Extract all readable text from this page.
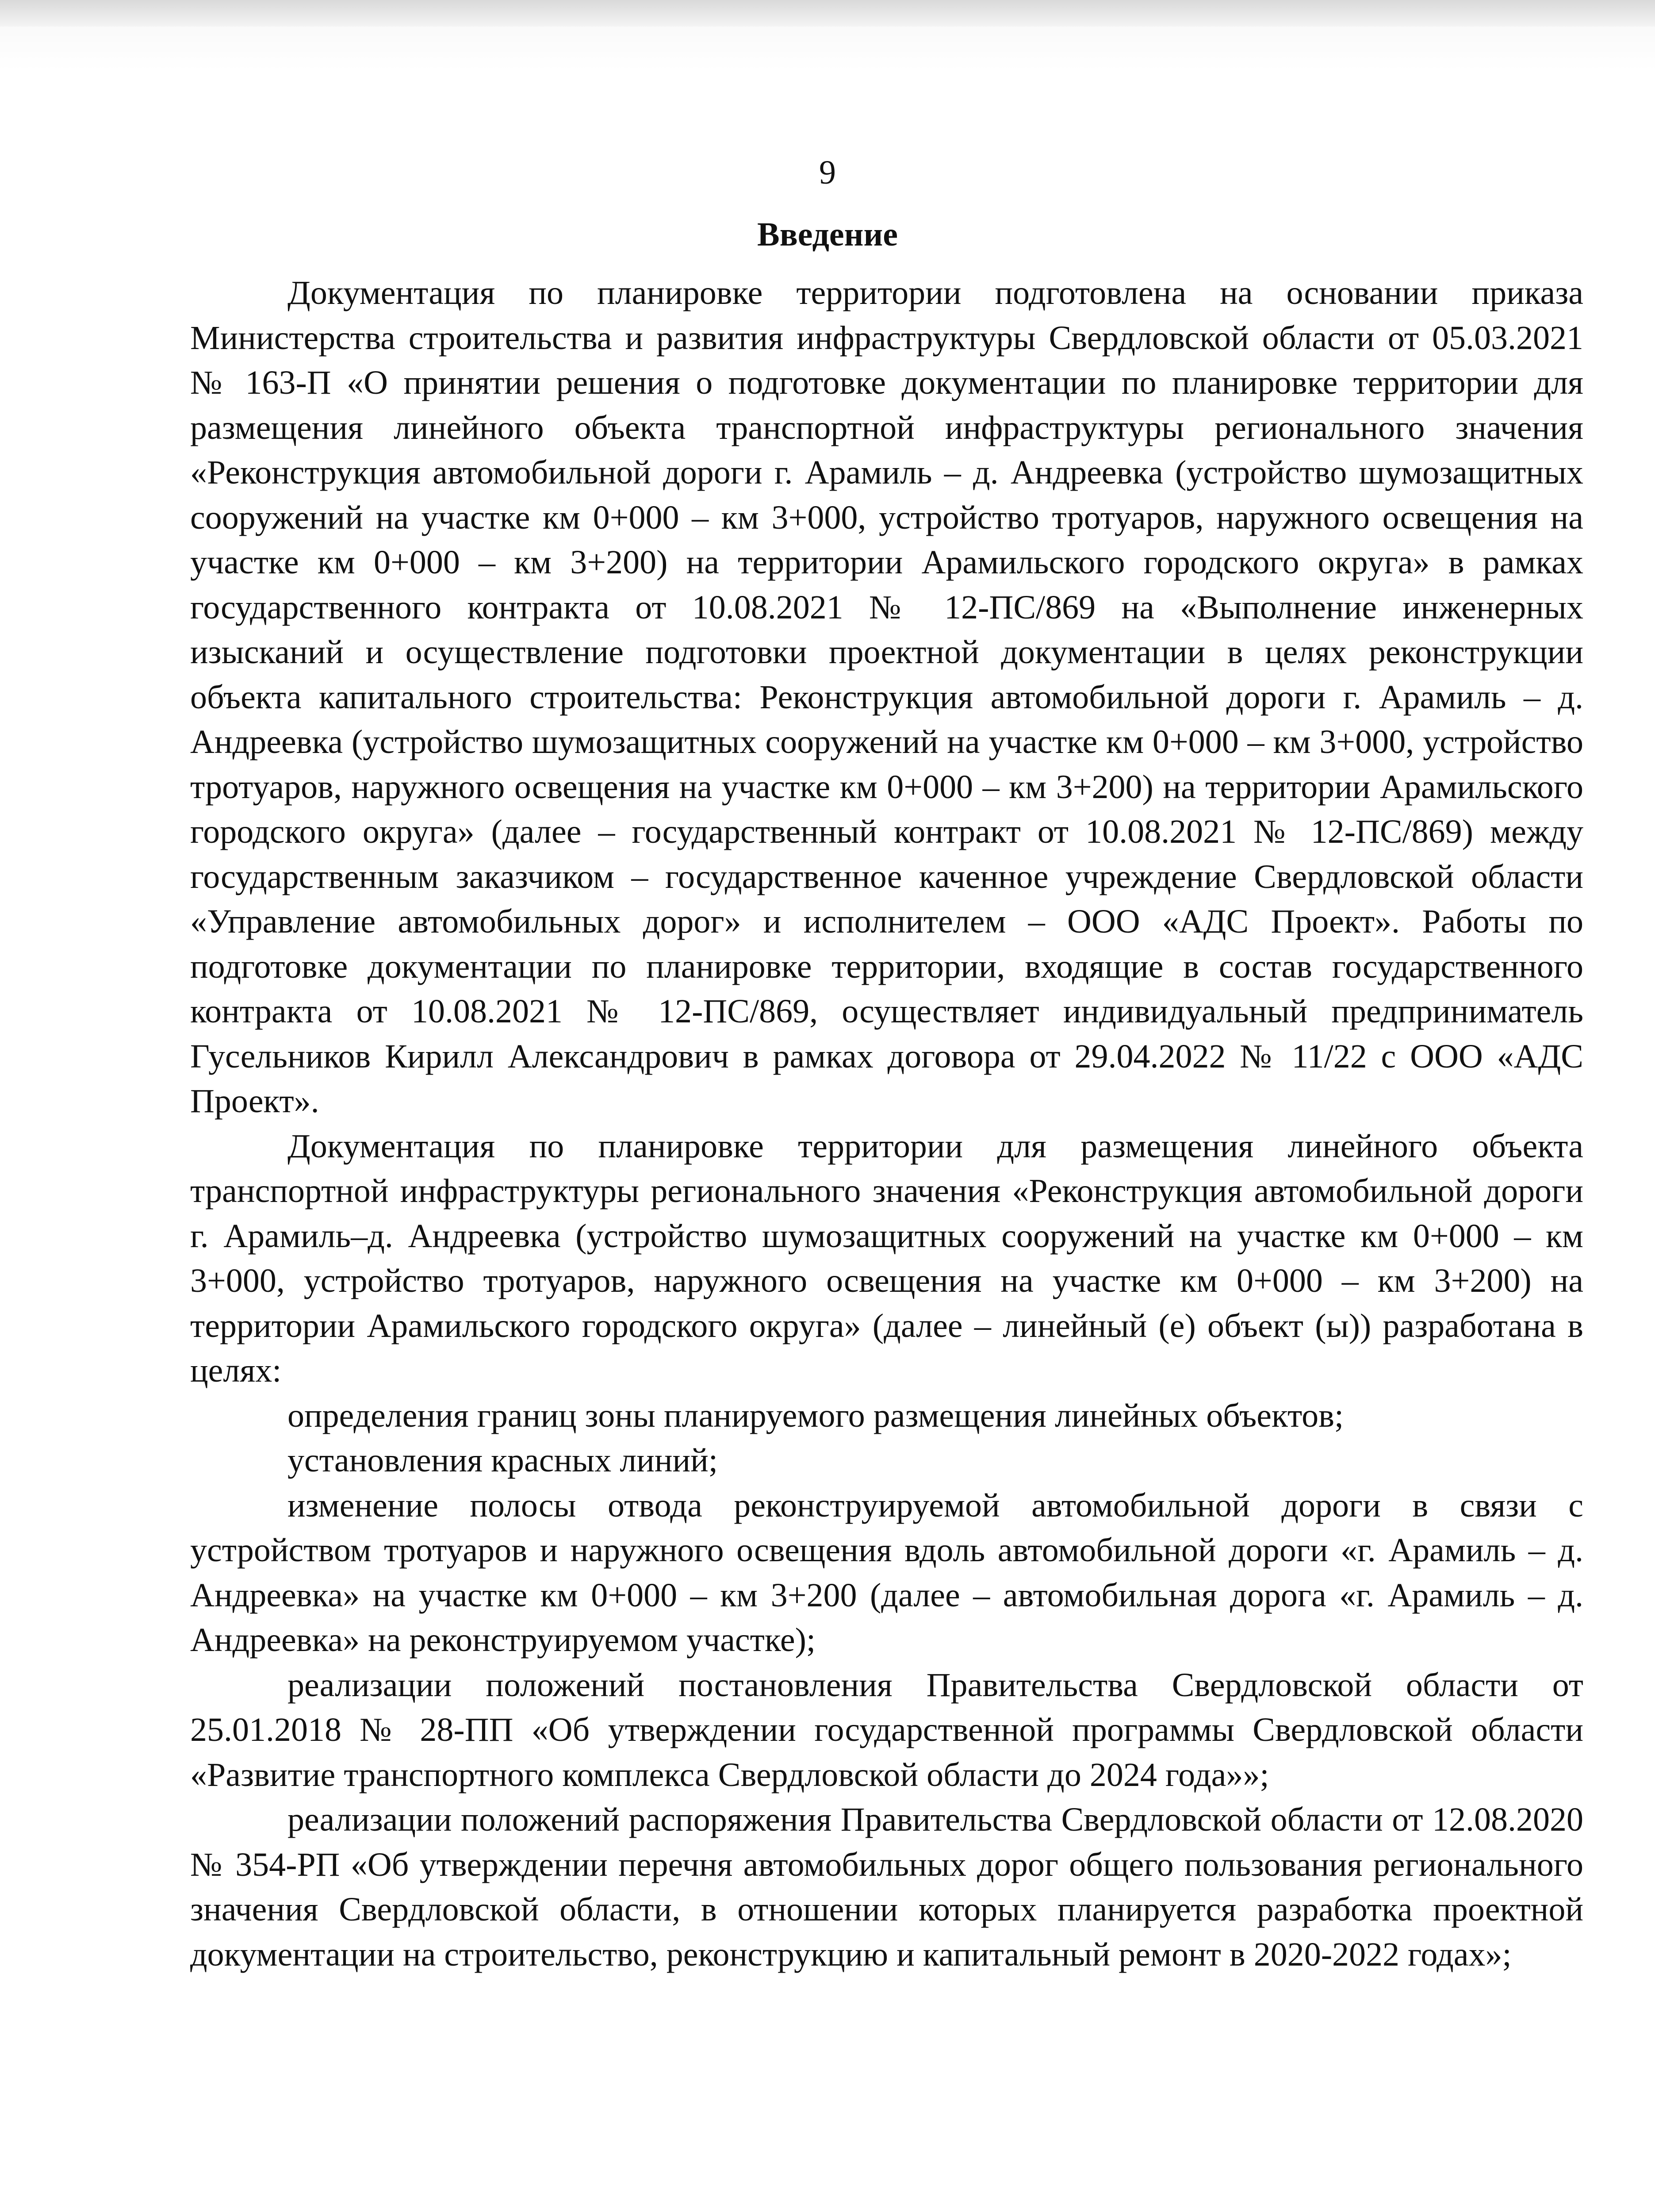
9
Введение

Документация по планировке территории подготовлена на основании приказа Министерства строительства и развития инфраструктуры Свердловской области от 05.03.2021 № 163-П «О принятии решения о подготовке документации по планировке территории для размещения линейного объекта транспортной инфраструктуры регионального значения «Реконструкция автомобильной дороги г. Арамиль – д. Андреевка (устройство шумозащитных сооружений на участке км 0+000 – км 3+000, устройство тротуаров, наружного освещения на участке км 0+000 – км 3+200) на территории Арамильского городского округа» в рамках государственного контракта от 10.08.2021 № 12-ПС/869 на «Выполнение инженерных изысканий и осуществление подготовки проектной документации в целях реконструкции объекта капитального строительства: Реконструкция автомобильной дороги г. Арамиль – д. Андреевка (устройство шумозащитных сооружений на участке км 0+000 – км 3+000, устройство тротуаров, наружного освещения на участке км 0+000 – км 3+200) на территории Арамильского городского округа» (далее – государственный контракт от 10.08.2021 № 12-ПС/869) между государственным заказчиком – государственное каченное учреждение Свердловской области «Управление автомобильных дорог» и исполнителем – ООО «АДС Проект». Работы по подготовке документации по планировке территории, входящие в состав государственного контракта от 10.08.2021 № 12-ПС/869, осуществляет индивидуальный предприниматель Гусельников Кирилл Александрович в рамках договора от 29.04.2022 № 11/22 с ООО «АДС Проект».

Документация по планировке территории для размещения линейного объекта транспортной инфраструктуры регионального значения «Реконструкция автомобильной дороги г. Арамиль–д. Андреевка (устройство шумозащитных сооружений на участке км 0+000 – км 3+000, устройство тротуаров, наружного освещения на участке км 0+000 – км 3+200) на территории Арамильского городского округа» (далее – линейный (е) объект (ы)) разработана в целях:

определения границ зоны планируемого размещения линейных объектов;

установления красных линий;

изменение полосы отвода реконструируемой автомобильной дороги в связи с устройством тротуаров и наружного освещения вдоль автомобильной дороги «г. Арамиль – д. Андреевка» на участке км 0+000 – км 3+200 (далее – автомобильная дорога «г. Арамиль – д. Андреевка» на реконструируемом участке);

реализации положений постановления Правительства Свердловской области от 25.01.2018 № 28-ПП «Об утверждении государственной программы Свердловской области «Развитие транспортного комплекса Свердловской области до 2024 года»»;

реализации положений распоряжения Правительства Свердловской области от 12.08.2020 № 354-РП «Об утверждении перечня автомобильных дорог общего пользования регионального значения Свердловской области, в отношении которых планируется разработка проектной документации на строительство, реконструкцию и капитальный ремонт в 2020-2022 годах»;
